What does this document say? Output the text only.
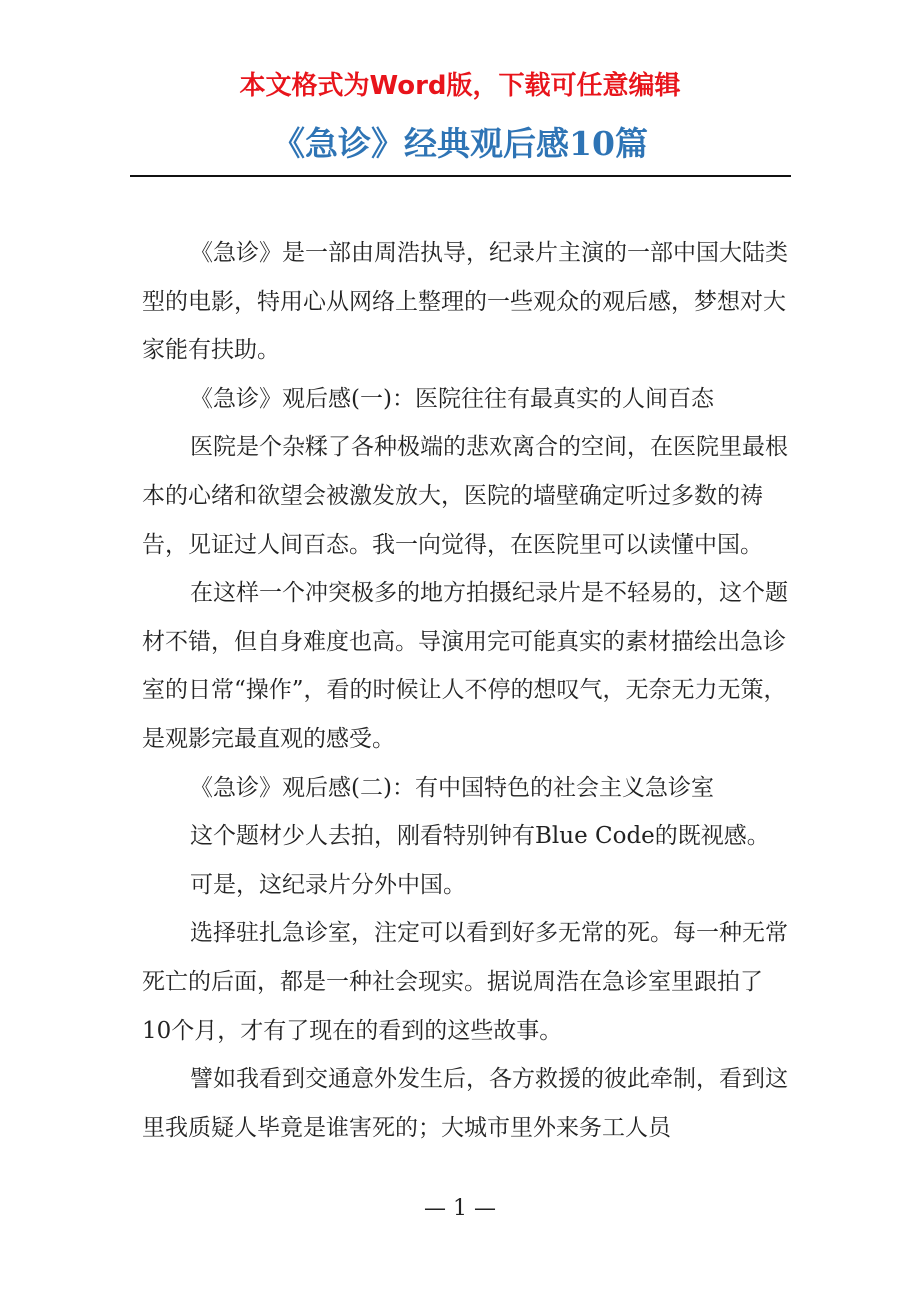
本文格式为Word版，下载可任意编辑
《急诊》经典观后感10篇

《急诊》是一部由周浩执导，纪录片主演的一部中国大陆类型的电影，特用心从网络上整理的一些观众的观后感，梦想对大家能有扶助。

《急诊》观后感(一)：医院往往有最真实的人间百态

医院是个杂糅了各种极端的悲欢离合的空间，在医院里最根本的心绪和欲望会被激发放大，医院的墙壁确定听过多数的祷告，见证过人间百态。我一向觉得，在医院里可以读懂中国。

在这样一个冲突极多的地方拍摄纪录片是不轻易的，这个题材不错，但自身难度也高。导演用完可能真实的素材描绘出急诊室的日常“操作”，看的时候让人不停的想叹气，无奈无力无策，是观影完最直观的感受。

《急诊》观后感(二)：有中国特色的社会主义急诊室

这个题材少人去拍，刚看特别钟有Blue Code的既视感。

可是，这纪录片分外中国。

选择驻扎急诊室，注定可以看到好多无常的死。每一种无常死亡的后面，都是一种社会现实。据说周浩在急诊室里跟拍了10个月，才有了现在的看到的这些故事。

譬如我看到交通意外发生后，各方救援的彼此牵制，看到这里我质疑人毕竟是谁害死的；大城市里外来务工人员

— 1 —
